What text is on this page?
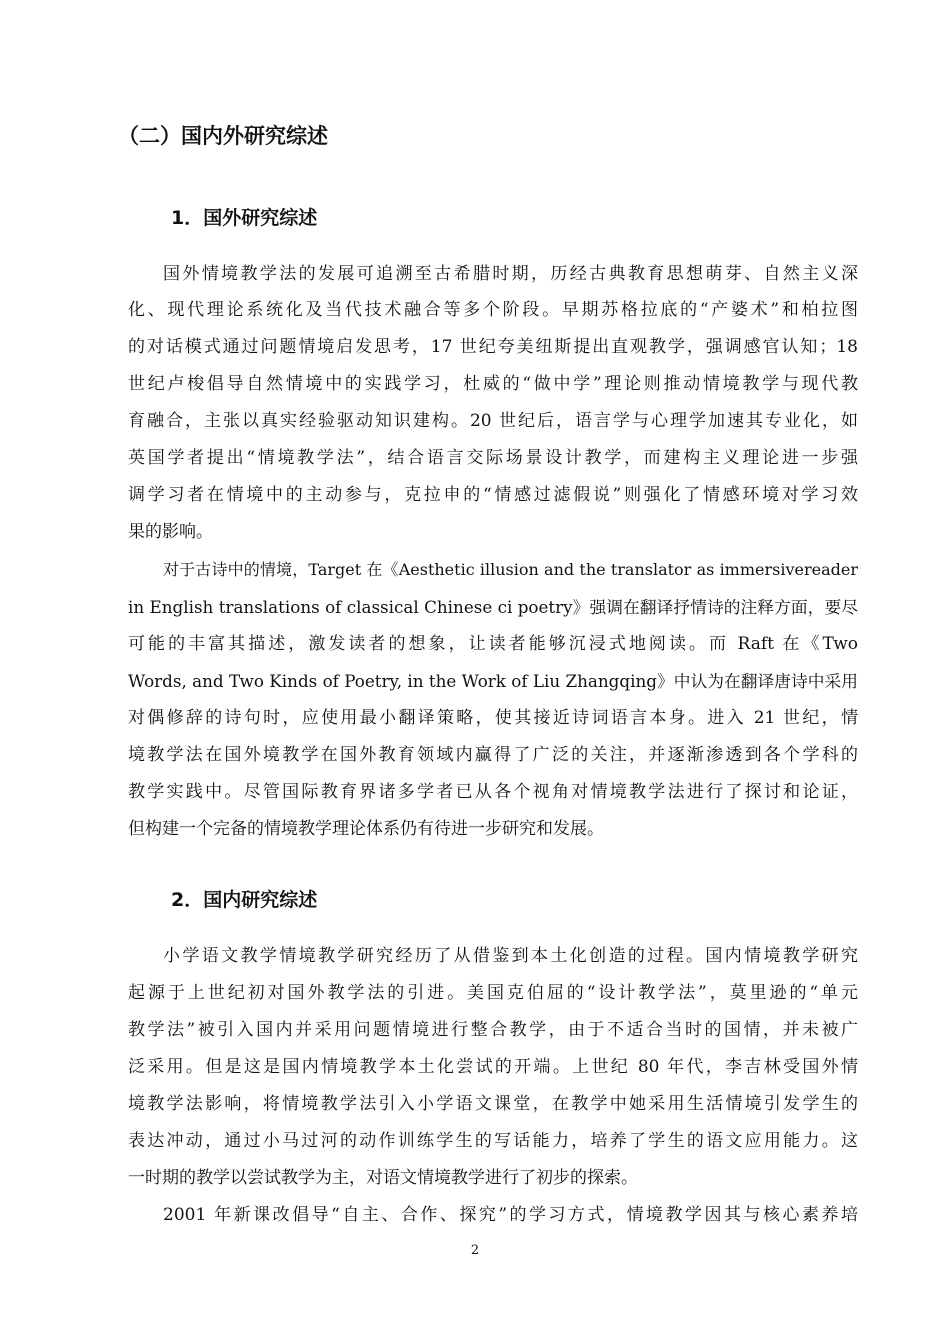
（二）国内外研究综述
1．国外研究综述
国外情境教学法的发展可追溯至古希腊时期，历经古典教育思想萌芽、自然主义深
化、现代理论系统化及当代技术融合等多个阶段。早期苏格拉底的“产婆术”和柏拉图
的对话模式通过问题情境启发思考，17 世纪夸美纽斯提出直观教学，强调感官认知；18
世纪卢梭倡导自然情境中的实践学习，杜威的“做中学”理论则推动情境教学与现代教
育融合，主张以真实经验驱动知识建构。20 世纪后，语言学与心理学加速其专业化，如
英国学者提出“情境教学法”，结合语言交际场景设计教学，而建构主义理论进一步强
调学习者在情境中的主动参与，克拉申的“情感过滤假说”则强化了情感环境对学习效
果的影响。
对于古诗中的情境，Target 在《Aesthetic illusion and the translator as immersivereader
in English translations of classical Chinese ci poetry》强调在翻译抒情诗的注释方面，要尽
可能的丰富其描述，激发读者的想象，让读者能够沉浸式地阅读。而 Raft 在《Two
Words, and Two Kinds of Poetry, in the Work of Liu Zhangqing》中认为在翻译唐诗中采用
对偶修辞的诗句时，应使用最小翻译策略，使其接近诗词语言本身。进入 21 世纪，情
境教学法在国外境教学在国外教育领域内赢得了广泛的关注，并逐渐渗透到各个学科的
教学实践中。尽管国际教育界诸多学者已从各个视角对情境教学法进行了探讨和论证，
但构建一个完备的情境教学理论体系仍有待进一步研究和发展。
2．国内研究综述
小学语文教学情境教学研究经历了从借鉴到本土化创造的过程。国内情境教学研究
起源于上世纪初对国外教学法的引进。美国克伯屈的“设计教学法”，莫里逊的“单元
教学法”被引入国内并采用问题情境进行整合教学，由于不适合当时的国情，并未被广
泛采用。但是这是国内情境教学本土化尝试的开端。上世纪 80 年代，李吉林受国外情
境教学法影响，将情境教学法引入小学语文课堂，在教学中她采用生活情境引发学生的
表达冲动，通过小马过河的动作训练学生的写话能力，培养了学生的语文应用能力。这
一时期的教学以尝试教学为主，对语文情境教学进行了初步的探索。
2001 年新课改倡导“自主、合作、探究”的学习方式，情境教学因其与核心素养培
2
